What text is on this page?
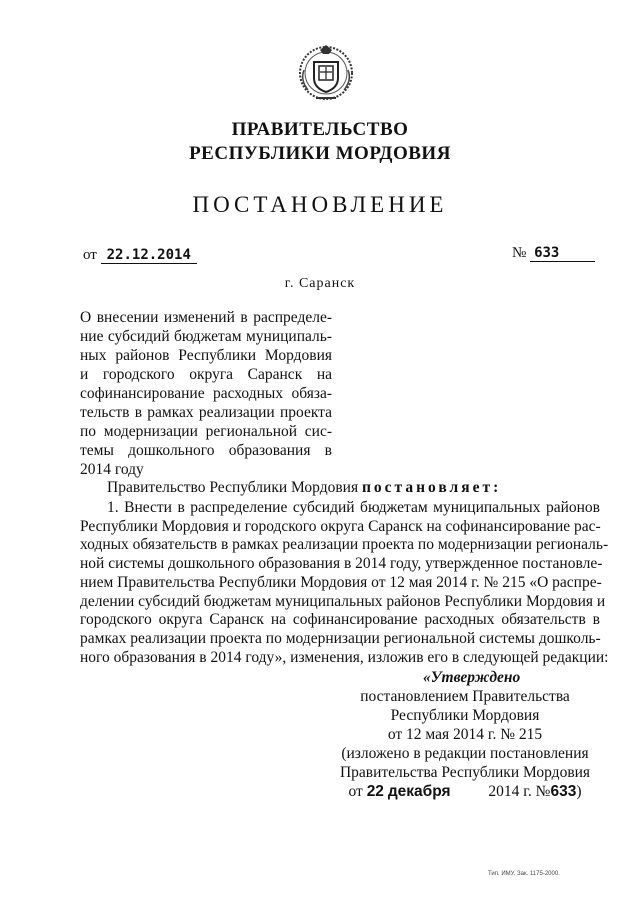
ПРАВИТЕЛЬСТВО
РЕСПУБЛИКИ МОРДОВИЯ
ПОСТАНОВЛЕНИЕ
от 22.12.2014	№ 633
г. Саранск
О внесении изменений в распределе-
ние субсидий бюджетам муниципаль-
ных районов Республики Мордовия
и городского округа Саранск на
софинансирование расходных обяза-
тельств в рамках реализации проекта
по модернизации региональной сис-
темы дошкольного образования в
2014 году
Правительство Республики Мордовия постановляет:
1. Внести в распределение субсидий бюджетам муниципальных районов
Республики Мордовия и городского округа Саранск на софинансирование рас-
ходных обязательств в рамках реализации проекта по модернизации региональ-
ной системы дошкольного образования в 2014 году, утвержденное постановле-
нием Правительства Республики Мордовия от 12 мая 2014 г. № 215 «О распре-
делении субсидий бюджетам муниципальных районов Республики Мордовия и
городского округа Саранск на софинансирование расходных обязательств в
рамках реализации проекта по модернизации региональной системы дошколь-
ного образования в 2014 году», изменения, изложив его в следующей редакции:
«Утверждено
постановлением Правительства
Республики Мордовия
от 12 мая 2014 г. № 215
(изложено в редакции постановления
Правительства Республики Мордовия
от 22 декабря 2014 г. №633)
Тип. ИМУ. Зак. 1175-2000.
